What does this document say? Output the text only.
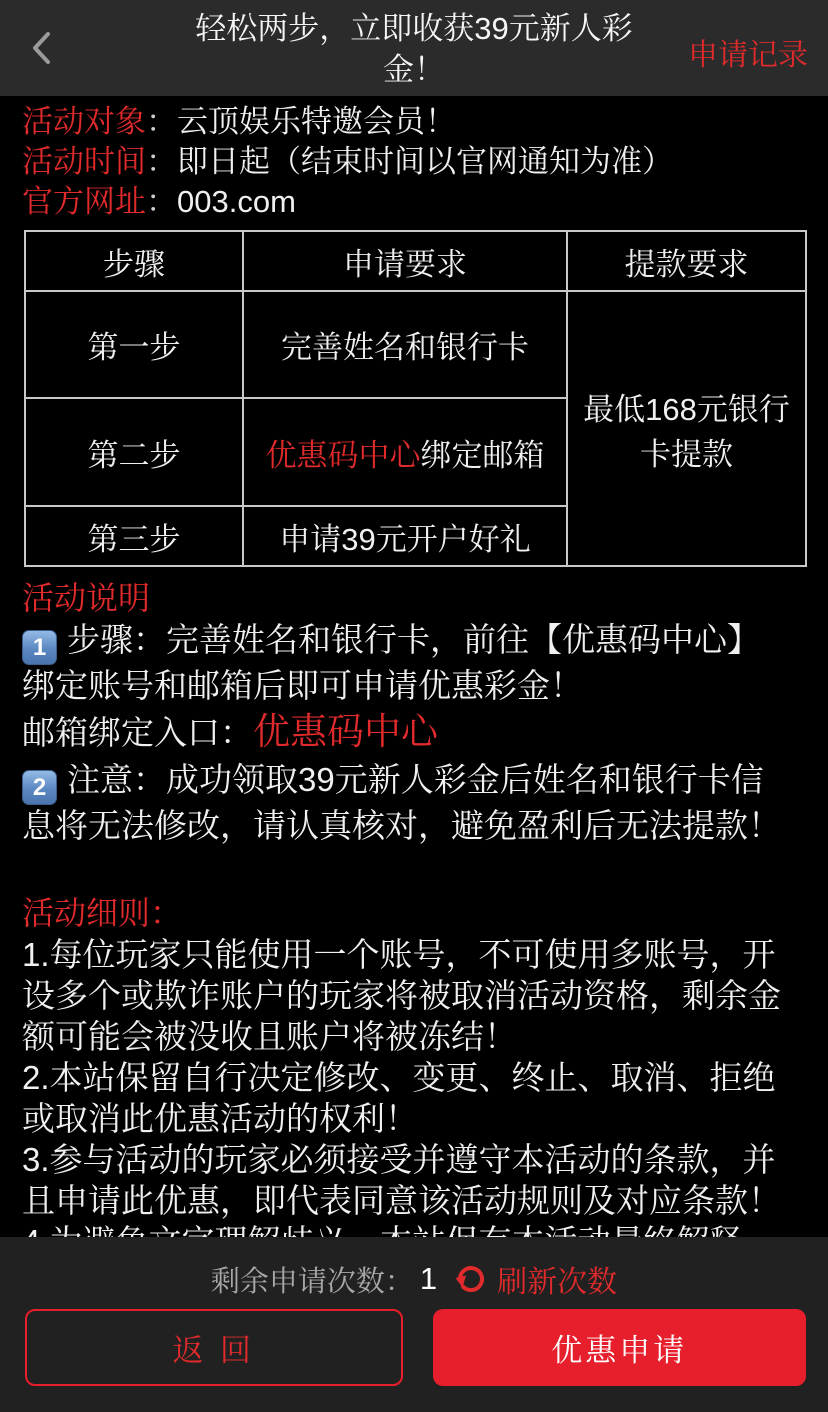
轻松两步，立即收获39元新人彩金！	申请记录
活动对象：云顶娱乐特邀会员！
活动时间：即日起（结束时间以官网通知为准）
官方网址：003.com
步骤	申请要求	提款要求
第一步	完善姓名和银行卡	最低168元银行卡提款
第二步	优惠码中心绑定邮箱	
第三步	申请39元开户好礼	
活动说明

1 步骤：完善姓名和银行卡，前往【优惠码中心】绑定账号和邮箱后即可申请优惠彩金！

邮箱绑定入口：优惠码中心

2 注意：成功领取39元新人彩金后姓名和银行卡信息将无法修改，请认真核对，避免盈利后无法提款！

活动细则：

1.每位玩家只能使用一个账号，不可使用多账号，开设多个或欺诈账户的玩家将被取消活动资格，剩余金额可能会被没收且账户将被冻结！

2.本站保留自行决定修改、变更、终止、取消、拒绝或取消此优惠活动的权利！

3.参与活动的玩家必须接受并遵守本活动的条款，并且申请此优惠，即代表同意该活动规则及对应条款！

剩余申请次数： 1 刷新次数
返 回	优惠申请
